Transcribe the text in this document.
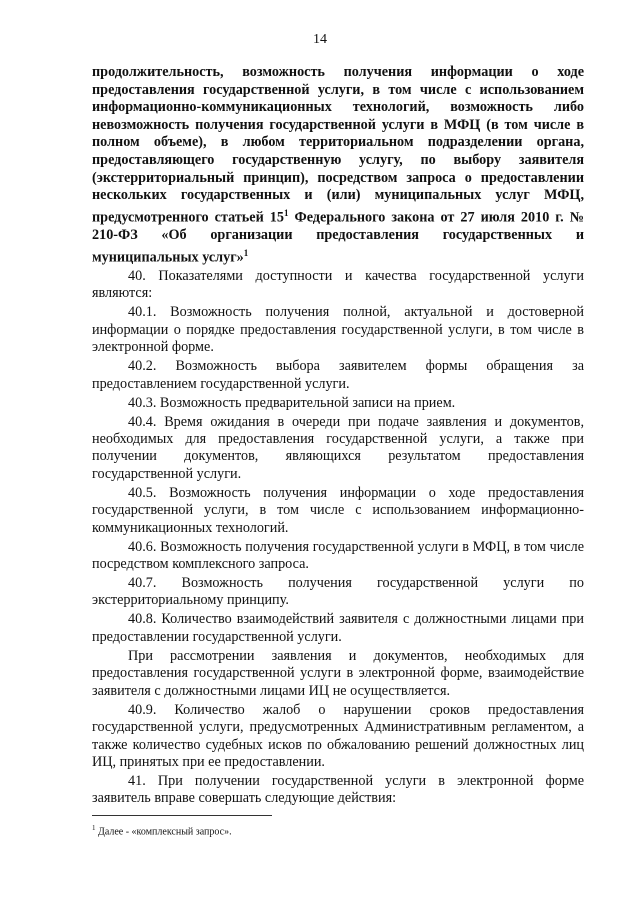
14

продолжительность, возможность получения информации о ходе предоставления государственной услуги, в том числе с использованием информационно-коммуникационных технологий, возможность либо невозможность получения государственной услуги в МФЦ (в том числе в полном объеме), в любом территориальном подразделении органа, предоставляющего государственную услугу, по выбору заявителя (экстерриториальный принцип), посредством запроса о предоставлении нескольких государственных и (или) муниципальных услуг МФЦ, предусмотренного статьей $15^1$ Федерального закона от 27 июля 2010 г. № 210-ФЗ «Об организации предоставления государственных и муниципальных услуг»$^1$

40. Показателями доступности и качества государственной услуги являются:

40.1. Возможность получения полной, актуальной и достоверной информации о порядке предоставления государственной услуги, в том числе в электронной форме.

40.2. Возможность выбора заявителем формы обращения за предоставлением государственной услуги.

40.3. Возможность предварительной записи на прием.

40.4. Время ожидания в очереди при подаче заявления и документов, необходимых для предоставления государственной услуги, а также при получении документов, являющихся результатом предоставления государственной услуги.

40.5. Возможность получения информации о ходе предоставления государственной услуги, в том числе с использованием информационно-коммуникационных технологий.

40.6. Возможность получения государственной услуги в МФЦ, в том числе посредством комплексного запроса.

40.7. Возможность получения государственной услуги по экстерриториальному принципу.

40.8. Количество взаимодействий заявителя с должностными лицами при предоставлении государственной услуги.

При рассмотрении заявления и документов, необходимых для предоставления государственной услуги в электронной форме, взаимодействие заявителя с должностными лицами ИЦ не осуществляется.

40.9. Количество жалоб о нарушении сроков предоставления государственной услуги, предусмотренных Административным регламентом, а также количество судебных исков по обжалованию решений должностных лиц ИЦ, принятых при ее предоставлении.

41. При получении государственной услуги в электронной форме заявитель вправе совершать следующие действия:

$^1$ Далее - «комплексный запрос».
